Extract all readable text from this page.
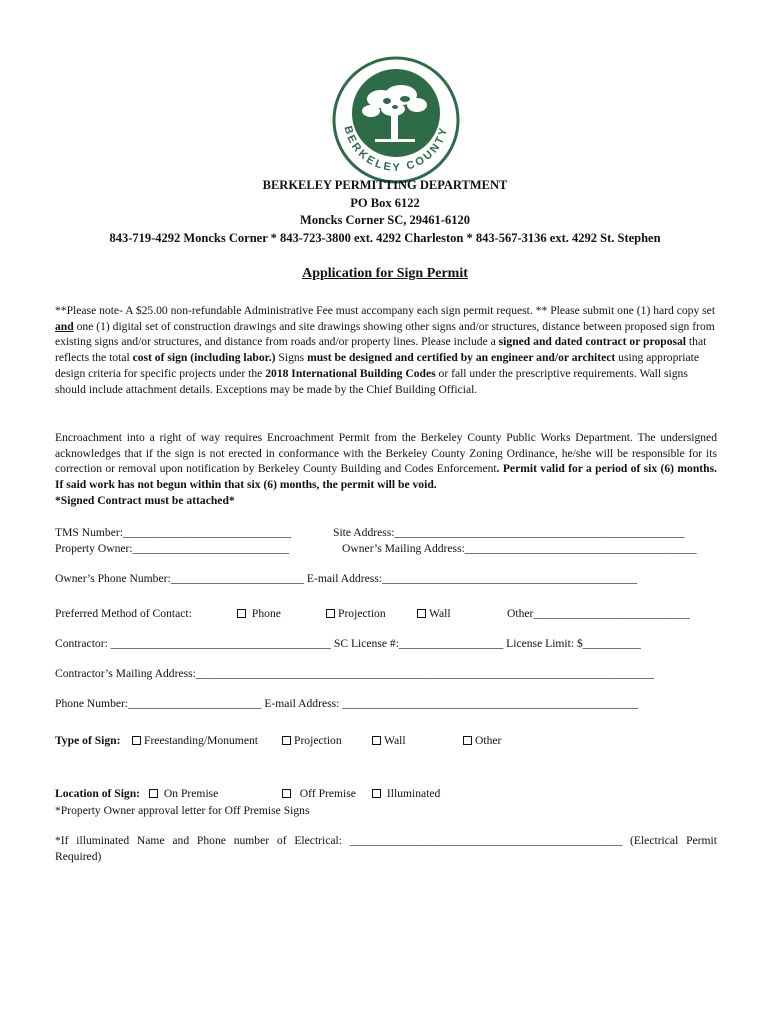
BERKELEY COUNTY
BERKELEY PERMITTING DEPARTMENT
PO Box 6122
Moncks Corner SC, 29461-6120
843-719-4292 Moncks Corner * 843-723-3800 ext. 4292 Charleston * 843-567-3136 ext. 4292 St. Stephen
Application for Sign Permit
**Please note- A $25.00 non-refundable Administrative Fee must accompany each sign permit request. ** Please submit one (1) hard copy set and one (1) digital set of construction drawings and site drawings showing other signs and/or structures, distance between proposed sign from existing signs and/or structures, and distance from roads and/or property lines. Please include a signed and dated contract or proposal that reflects the total cost of sign (including labor.) Signs must be designed and certified by an engineer and/or architect using appropriate design criteria for specific projects under the 2018 International Building Codes or fall under the prescriptive requirements. Wall signs should include attachment details. Exceptions may be made by the Chief Building Official.
Encroachment into a right of way requires Encroachment Permit from the Berkeley County Public Works Department. The undersigned acknowledges that if the sign is not erected in conformance with the Berkeley County Zoning Ordinance, he/she will be responsible for its correction or removal upon notification by Berkeley County Building and Codes Enforcement. Permit valid for a period of six (6) months. If said work has not begun within that six (6) months, the permit will be void.
*Signed Contract must be attached*
TMS Number:_____________________________	Site Address:__________________________________________________
Property Owner:___________________________	Owner’s Mailing Address:________________________________________
Owner’s Phone Number:_______________________ E-mail Address:____________________________________________
Preferred Method of Contact:	Phone	Projection	Wall	Other___________________________
Contractor: ______________________________________ SC License #:__________________ License Limit: $__________
Contractor’s Mailing Address:_______________________________________________________________________________
Phone Number:_______________________ E-mail Address: ___________________________________________________
Type of Sign:	Freestanding/Monument	Projection	Wall	Other
Location of Sign:	On Premise	Off Premise	Illuminated
*Property Owner approval letter for Off Premise Signs
*If illuminated Name and Phone number of Electrical: _______________________________________________ (Electrical Permit Required)
